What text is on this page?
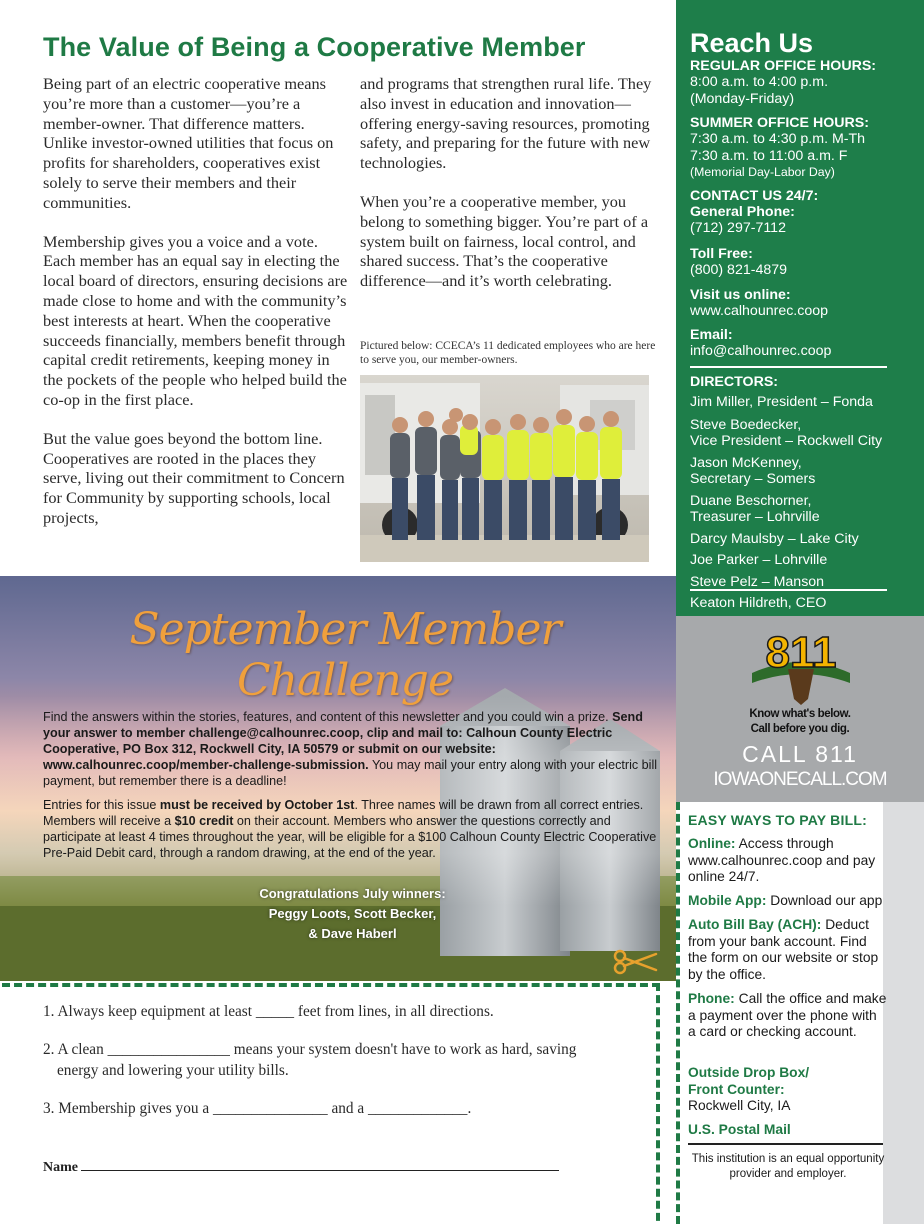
The Value of Being a Cooperative Member

Being part of an electric cooperative means you’re more than a customer—you’re a member-owner. That difference matters. Unlike investor-owned utilities that focus on profits for shareholders, cooperatives exist solely to serve their members and their communities.

Membership gives you a voice and a vote. Each member has an equal say in electing the local board of directors, ensuring decisions are made close to home and with the community’s best interests at heart. When the cooperative succeeds financially, members benefit through capital credit retirements, keeping money in the pockets of the people who helped build the co-op in the first place.

But the value goes beyond the bottom line. Cooperatives are rooted in the places they serve, living out their commitment to Concern for Community by supporting schools, local projects,

and programs that strengthen rural life. They also invest in education and innovation—offering energy-saving resources, promoting safety, and preparing for the future with new technologies.

When you’re a cooperative member, you belong to something bigger. You’re part of a system built on fairness, local control, and shared success. That’s the cooperative difference—and it’s worth celebrating.

Pictured below: CCECA’s 11 dedicated employees who are here to serve you, our member-owners.
September Member Challenge

Find the answers within the stories, features, and content of this newsletter and you could win a prize. Send your answer to member challenge@calhounrec.coop, clip and mail to: Calhoun County Electric Cooperative, PO Box 312, Rockwell City, IA 50579 or submit on our website: www.calhounrec.coop/member-challenge-submission. You may mail your entry along with your electric bill payment, but remember there is a deadline!

Entries for this issue must be received by October 1st. Three names will be drawn from all correct entries. Members will receive a $10 credit on their account. Members who answer the questions correctly and participate at least 4 times throughout the year, will be eligible for a $100 Calhoun County Electric Cooperative Pre-Paid Debit card, through a random drawing, at the end of the year.

Congratulations July winners:
Peggy Loots, Scott Becker,
& Dave Haberl
1. Always keep equipment at least _____ feet from lines, in all directions.
2. A clean ________________ means your system doesn't have to work as hard, saving
energy and lowering your utility bills.
3. Membership gives you a _______________ and a _____________.
Name
Reach Us
REGULAR OFFICE HOURS:
8:00 a.m. to 4:00 p.m.
(Monday-Friday)
SUMMER OFFICE HOURS:
7:30 a.m. to 4:30 p.m. M-Th
7:30 a.m. to 11:00 a.m. F
(Memorial Day-Labor Day)
CONTACT US 24/7:
General Phone:
(712) 297-7112
Toll Free:
(800) 821-4879
Visit us online:
www.calhounrec.coop
Email:
info@calhounrec.coop
DIRECTORS:
Jim Miller, President – Fonda
Steve Boedecker,
Vice President – Rockwell City
Jason McKenney,
Secretary – Somers
Duane Beschorner,
Treasurer – Lohrville
Darcy Maulsby – Lake City
Joe Parker – Lohrville
Steve Pelz – Manson
Keaton Hildreth, CEO
811
Know what's below.
Call before you dig.
CALL 811
IOWAONECALL.COM
EASY WAYS TO PAY BILL:
Online: Access through www.calhounrec.coop and pay online 24/7.
Mobile App: Download our app
Auto Bill Bay (ACH): Deduct from your bank account. Find the form on our website or stop by the office.
Phone: Call the office and make a payment over the phone with a card or checking account.
Outside Drop Box/ Front Counter:
Rockwell City, IA
U.S. Postal Mail
This institution is an equal opportunity provider and employer.
